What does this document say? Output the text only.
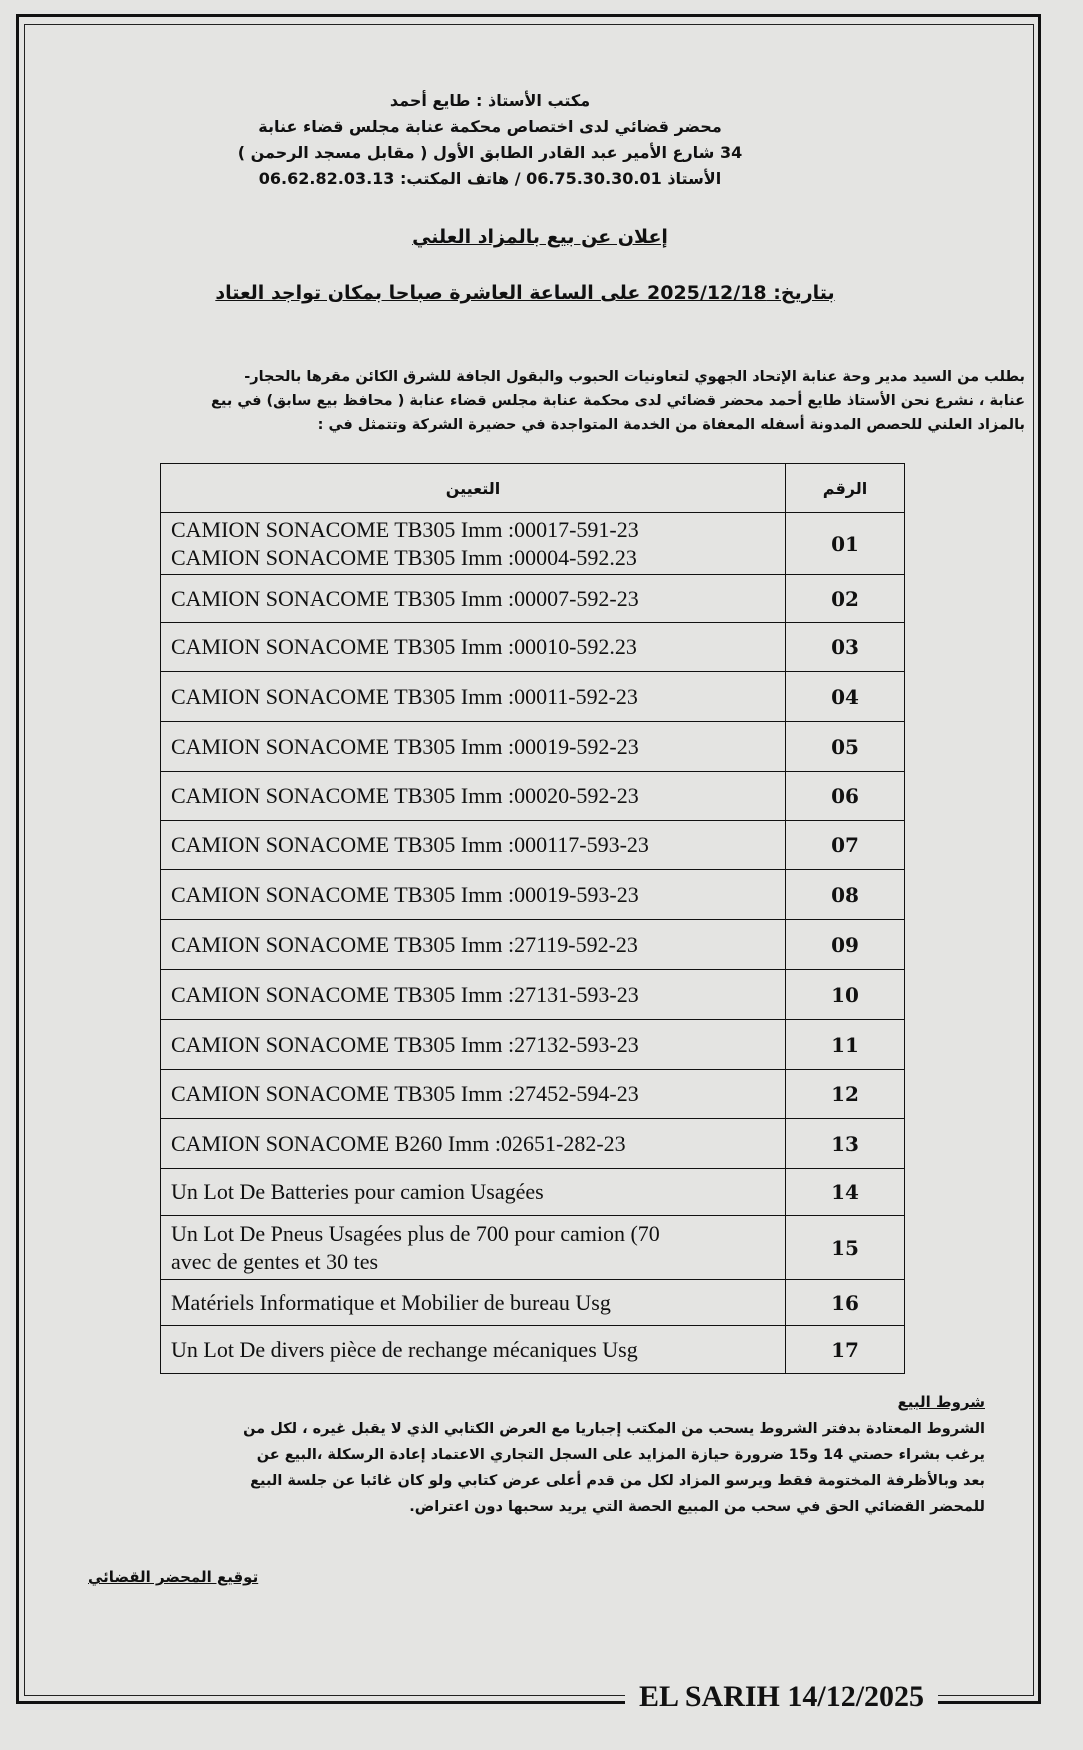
مكتب الأستاذ : طايع أحمد
محضر قضائي لدى اختصاص محكمة عنابة مجلس قضاء عنابة
34 شارع الأمير عبد القادر الطابق الأول ( مقابل مسجد الرحمن )
الأستاذ 06.75.30.30.01 / هاتف المكتب: 06.62.82.03.13
إعلان عن بيع بالمزاد العلني
بتاريخ: 2025/12/18 على الساعة العاشرة صباحا بمكان تواجد العتاد
بطلب من السيد مدير وحة عنابة الإتحاد الجهوي لتعاونيات الحبوب والبقول الجافة للشرق الكائن مقرها بالحجار-
عنابة ، نشرع نحن الأستاذ طايع أحمد محضر قضائي لدى محكمة عنابة مجلس قضاء عنابة ( محافظ بيع سابق) في بيع
بالمزاد العلني للحصص المدونة أسفله المعفاة من الخدمة المتواجدة في حضيرة الشركة وتتمثل في :
الرقم	التعيين
01	CAMION SONACOME TB305 Imm :00017-591-23
CAMION SONACOME TB305 Imm :00004-592.23

02	CAMION SONACOME TB305 Imm :00007-592-23

03	CAMION SONACOME TB305 Imm :00010-592.23

04	CAMION SONACOME TB305 Imm :00011-592-23

05	CAMION SONACOME TB305 Imm :00019-592-23

06	CAMION SONACOME TB305 Imm :00020-592-23

07	CAMION SONACOME TB305 Imm :000117-593-23

08	CAMION SONACOME TB305 Imm :00019-593-23

09	CAMION SONACOME TB305 Imm :27119-592-23

10	CAMION SONACOME TB305 Imm :27131-593-23

11	CAMION SONACOME TB305 Imm :27132-593-23

12	CAMION SONACOME TB305 Imm :27452-594-23

13	CAMION SONACOME B260 Imm :02651-282-23

14	Un Lot De Batteries pour camion Usagées

15	Un Lot De Pneus Usagées plus de 700 pour camion (70
avec de gentes et 30 tes

16	Matériels Informatique et Mobilier de bureau Usg

17	Un Lot De divers pièce de rechange mécaniques Usg
شروط البيع
الشروط المعتادة بدفتر الشروط يسحب من المكتب إجباريا مع العرض الكتابي الذي لا يقبل غيره ، لكل من
يرغب بشراء حصتي 14 و15 ضرورة حيازة المزايد على السجل التجاري الاعتماد إعادة الرسكلة ،البيع عن
بعد وبالأظرفة المختومة فقط ويرسو المزاد لكل من قدم أعلى عرض كتابي ولو كان غائبا عن جلسة البيع
للمحضر القضائي الحق في سحب من المبيع الحصة التي يريد سحبها دون اعتراض.
توقيع المحضر القضائي
EL SARIH 14/12/2025
